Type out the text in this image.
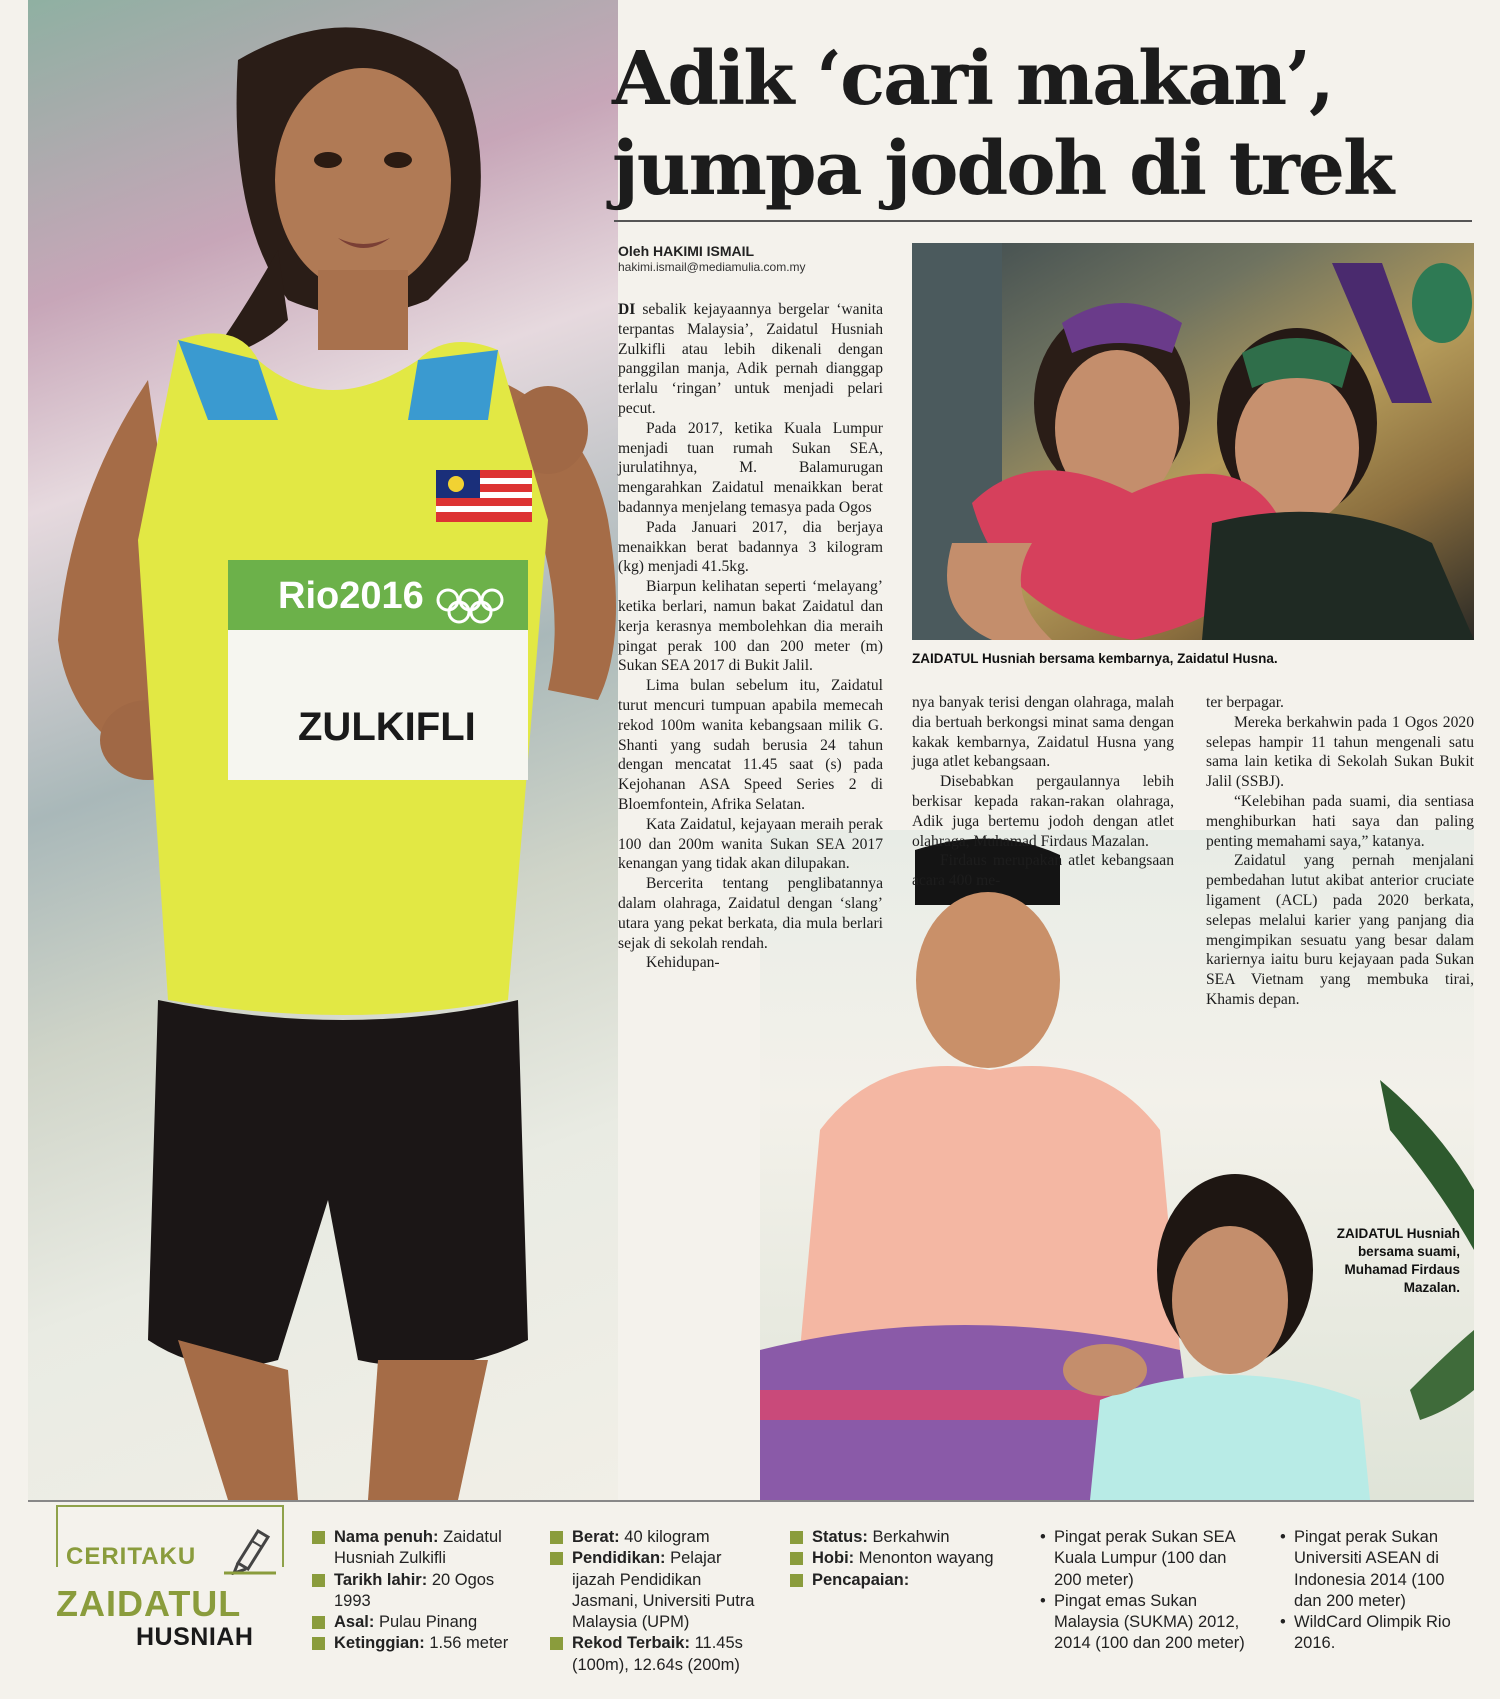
Rio2016
ZULKIFLI
Adik ‘cari makan’,
jumpa jodoh di trek
Oleh HAKIMI ISMAIL
hakimi.ismail@mediamulia.com.my
ZAIDATUL Husniah bersama kembarnya, Zaidatul Husna.

DI sebalik kejayaannya bergelar ‘wanita terpantas Malaysia’, Zaidatul Husniah Zulkifli atau lebih dikenali dengan panggilan manja, Adik pernah dianggap terlalu ‘ringan’ untuk menjadi pelari pecut.

Pada 2017, ketika Kuala Lumpur menjadi tuan rumah Sukan SEA, jurulatihnya, M. Balamurugan mengarahkan Zaidatul menaikkan berat badannya menjelang temasya pada Ogos

Pada Januari 2017, dia berjaya menaikkan berat badannya 3 kilogram (kg) menjadi 41.5kg.

Biarpun kelihatan seperti ‘melayang’ ketika berlari, namun bakat Zaidatul dan kerja kerasnya membolehkan dia meraih pingat perak 100 dan 200 meter (m) Sukan SEA 2017 di Bukit Jalil.

Lima bulan sebelum itu, Zaidatul turut mencuri tumpuan apabila memecah rekod 100m wanita kebangsaan milik G. Shanti yang sudah berusia 24 tahun dengan mencatat 11.45 saat (s) pada Kejohanan ASA Speed Series 2 di Bloemfontein, Afrika Selatan.

Kata Zaidatul, kejayaan meraih perak 100 dan 200m wanita Sukan SEA 2017 kenangan yang tidak akan dilupakan.

Bercerita tentang penglibatannya dalam olahraga, Zaidatul dengan ‘slang’ utara yang pekat berkata, dia mula berlari sejak di sekolah rendah.

Kehidupan-

nya banyak terisi dengan olahraga, malah dia bertuah berkongsi minat sama dengan kakak kembarnya, Zaidatul Husna yang juga atlet kebangsaan.

Disebabkan pergaulannya lebih berkisar kepada rakan-rakan olahraga, Adik juga bertemu jodoh dengan atlet olahraga, Muhamad Firdaus Mazalan.

Firdaus merupakan atlet kebangsaan acara 400 me-

ter berpagar.

Mereka berkahwin pada 1 Ogos 2020 selepas hampir 11 tahun mengenali satu sama lain ketika di Sekolah Sukan Bukit Jalil (SSBJ).

“Kelebihan pada suami, dia sentiasa menghiburkan hati saya dan paling penting memahami saya,” katanya.

Zaidatul yang pernah menjalani pembedahan lutut akibat anterior cruciate ligament (ACL) pada 2020 berkata, selepas melalui karier yang panjang dia mengimpikan sesuatu yang besar dalam kariernya iaitu buru kejayaan pada Sukan SEA Vietnam yang membuka tirai, Khamis depan.

ZAIDATUL Husniah bersama suami, Muhamad Firdaus Mazalan.
CERITAKU
ZAIDATUL
HUSNIAH
Nama penuh: Zaidatul Husniah Zulkifli
Tarikh lahir: 20 Ogos 1993
Asal: Pulau Pinang
Ketinggian: 1.56 meter
Berat: 40 kilogram
Pendidikan: Pelajar ijazah Pendidikan Jasmani, Universiti Putra Malaysia (UPM)
Rekod Terbaik: 11.45s (100m), 12.64s (200m)
Status: Berkahwin
Hobi: Menonton wayang
Pencapaian:
• Pingat perak Sukan SEA Kuala Lumpur (100 dan 200 meter)
• Pingat emas Sukan Malaysia (SUKMA) 2012, 2014 (100 dan 200 meter)
• Pingat perak Sukan Universiti ASEAN di Indonesia 2014 (100 dan 200 meter)
• WildCard Olimpik Rio 2016.
